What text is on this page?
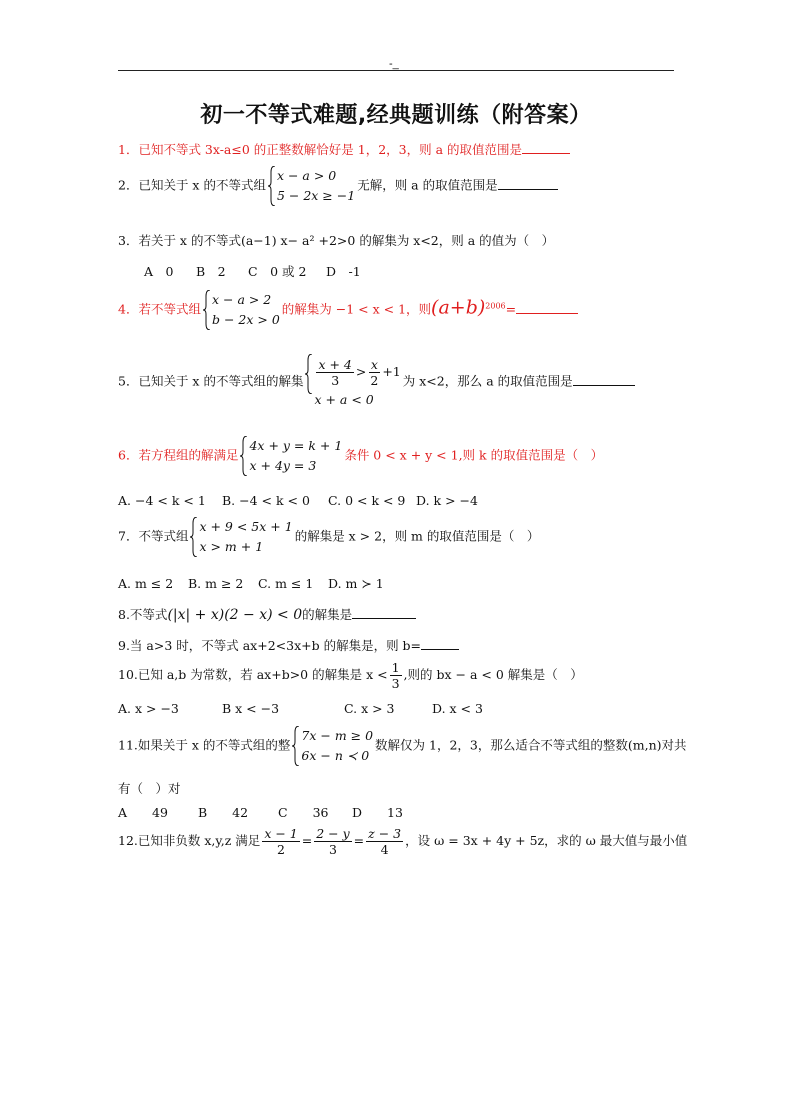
-_
初一不等式难题,经典题训练（附答案）
1．已知不等式 3x-a≤0 的正整数解恰好是 1，2，3，则 a 的取值范围是
2．已知关于 x 的不等式组
x − a > 0
5 − 2x ≥ −1
无解，则 a 的取值范围是
3．若关于 x 的不等式(a−1) x− a² +2>0 的解集为 x<2，则 a 的值为（　）
A　0 B　2 C　0 或 2 D　-1
4．若不等式组
x − a > 2
b − 2x > 0
的解集为 −1 < x < 1，则$(a+b)^{2006}=$
5．已知关于 x 的不等式组的解集 $\frac{x + 4}{3} > \frac{x}{2} +1$
x + a < 0
为 x<2，那么 a 的取值范围是
6．若方程组的解满足
4x + y = k + 1
x + 4y = 3
条件 0 < x + y < 1,则 k 的取值范围是（　）
A. −4 < k < 1 B. −4 < k < 0 C. 0 < k < 9 D. k > −4
7．不等式组
x + 9 < 5x + 1
x > m + 1
的解集是 x > 2，则 m 的取值范围是（　）
A. m ≤ 2 B. m ≥ 2 C. m ≤ 1 D. m ≻ 1
8.不等式(|x| + x)(2 − x) < 0的解集是
9.当 a>3 时，不等式 ax+2<3x+b 的解集是，则 b=
10.已知 a,b 为常数，若 ax+b>0 的解集是 $x < \frac{1}{3}$ ,则的 bx − a < 0 解集是（　）
A. x > −3	B x < −3	C. x > 3	D. x < 3
11.如果关于 x 的不等式组的整
7x − m ≥ 0
6x − n ≺ 0
数解仅为 1，2，3，那么适合不等式组的整数(m,n)对共
有（　）对
A　　49 B　　42 C　　36 D　　13
12.已知非负数 x,y,z 满足 $\frac{x - 1}{2} = \frac{2 - y}{3} = \frac{z - 3}{4}$ ，设 ω = 3x + 4y + 5z，求的 ω 最大值与最小值
